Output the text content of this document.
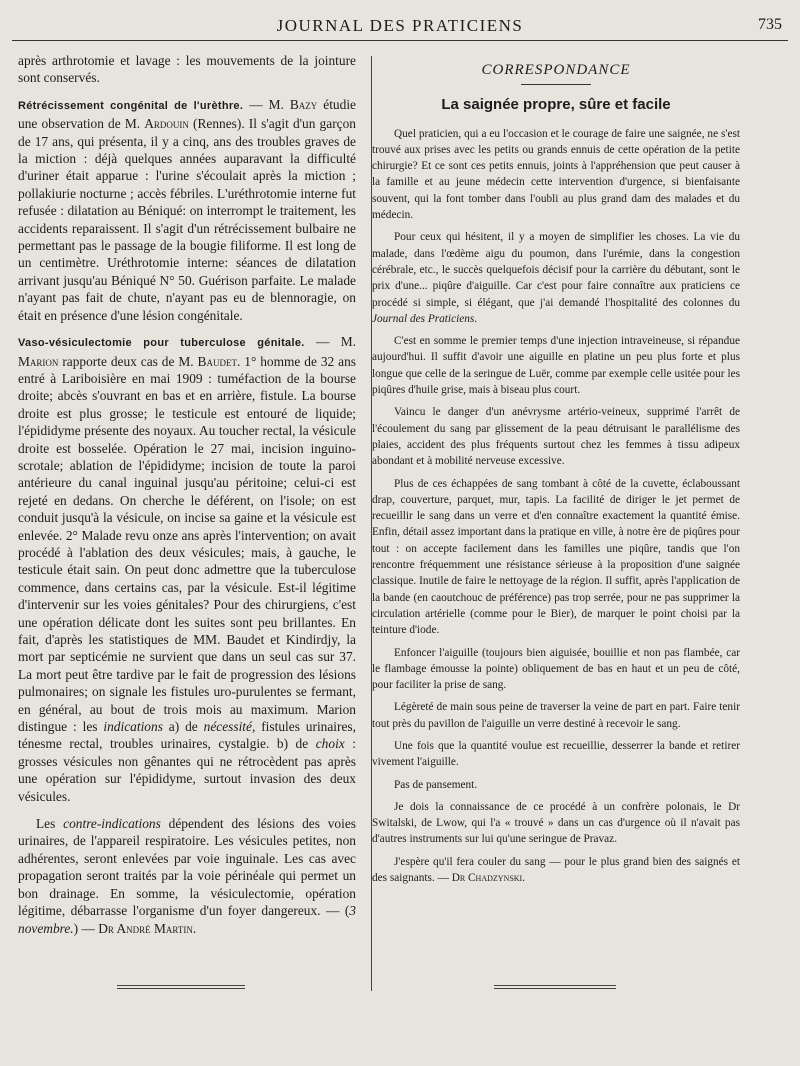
JOURNAL DES PRATICIENS	735

après arthrotomie et lavage : les mouvements de la jointure sont conservés.

Rétrécissement congénital de l'urèthre. — M. Bazy étudie une observation de M. Ardouin (Rennes). Il s'agit d'un garçon de 17 ans, qui présenta, il y a cinq, ans des troubles graves de la miction : déjà quelques années auparavant la difficulté d'uriner était apparue : l'urine s'écoulait après la miction ; pollakiurie nocturne ; accès fébriles. L'uréthrotomie interne fut refusée : dilatation au Béniqué: on interrompt le traitement, les accidents reparaissent. Il s'agit d'un rétrécissement bulbaire ne permettant pas le passage de la bougie filiforme. Il est long de un centimètre. Uréthrotomie interne: séances de dilatation arrivant jusqu'au Béniqué N° 50. Guérison parfaite. Le malade n'ayant pas fait de chute, n'ayant pas eu de blennoragie, on était en présence d'une lésion congénitale.

Vaso-vésiculectomie pour tuberculose génitale. — M. Marion rapporte deux cas de M. Baudet. 1° homme de 32 ans entré à Lariboisière en mai 1909 : tuméfaction de la bourse droite; abcès s'ouvrant en bas et en arrière, fistule. La bourse droite est plus grosse; le testicule est entouré de liquide; l'épididyme présente des noyaux. Au toucher rectal, la vésicule droite est bosselée. Opération le 27 mai, incision inguino-scrotale; ablation de l'épididyme; incision de toute la paroi antérieure du canal inguinal jusqu'au péritoine; celui-ci est rejeté en dedans. On cherche le déférent, on l'isole; on est conduit jusqu'à la vésicule, on incise sa gaine et la vésicule est enlevée. 2° Malade revu onze ans après l'intervention; on avait procédé à l'ablation des deux vésicules; mais, à gauche, le testicule était sain. On peut donc admettre que la tuberculose commence, dans certains cas, par la vésicule. Est-il légitime d'intervenir sur les voies génitales? Pour des chirurgiens, c'est une opération délicate dont les suites sont peu brillantes. En fait, d'après les statistiques de MM. Baudet et Kindirdjy, la mort par septicémie ne survient que dans un seul cas sur 37. La mort peut être tardive par le fait de progression des lésions pulmonaires; on signale les fistules uro-purulentes se fermant, en général, au bout de trois mois au maximum. Marion distingue : les indications a) de nécessité, fistules urinaires, ténesme rectal, troubles urinaires, cystalgie. b) de choix : grosses vésicules non gênantes qui ne rétrocèdent pas après une opération sur l'épididyme, surtout invasion des deux vésicules.

Les contre-indications dépendent des lésions des voies urinaires, de l'appareil respiratoire. Les vésicules petites, non adhérentes, seront enlevées par voie inguinale. Les cas avec propagation seront traités par la voie périnéale qui permet un bon drainage. En somme, la vésiculectomie, opération légitime, débarrasse l'organisme d'un foyer dangereux. — (3 novembre.) — Dr André Martin.

CORRESPONDANCE
La saignée propre, sûre et facile

Quel praticien, qui a eu l'occasion et le courage de faire une saignée, ne s'est trouvé aux prises avec les petits ou grands ennuis de cette opération de la petite chirurgie? Et ce sont ces petits ennuis, joints à l'appréhension que peut causer à la famille et au jeune médecin cette intervention d'urgence, si bienfaisante souvent, qui la font tomber dans l'oubli au plus grand dam des malades et du médecin.

Pour ceux qui hésitent, il y a moyen de simplifier les choses. La vie du malade, dans l'œdème aigu du poumon, dans l'urémie, dans la congestion cérébrale, etc., le succès quelquefois décisif pour la carrière du débutant, sont le prix d'une... piqûre d'aiguille. Car c'est pour faire connaître aux praticiens ce procédé si simple, si élégant, que j'ai demandé l'hospitalité des colonnes du Journal des Praticiens.

C'est en somme le premier temps d'une injection intraveineuse, si répandue aujourd'hui. Il suffit d'avoir une aiguille en platine un peu plus forte et plus longue que celle de la seringue de Luër, comme par exemple celle usitée pour les piqûres d'huile grise, mais à biseau plus court.

Vaincu le danger d'un anévrysme artério-veineux, supprimé l'arrêt de l'écoulement du sang par glissement de la peau détruisant le parallélisme des plaies, accident des plus fréquents surtout chez les femmes à tissu adipeux abondant et à mobilité nerveuse excessive.

Plus de ces échappées de sang tombant à côté de la cuvette, éclaboussant drap, couverture, parquet, mur, tapis. La facilité de diriger le jet permet de recueillir le sang dans un verre et d'en connaître exactement la quantité émise. Enfin, détail assez important dans la pratique en ville, à notre ère de piqûres pour tout : on accepte facilement dans les familles une piqûre, tandis que l'on rencontre fréquemment une résistance sérieuse à la proposition d'une saignée classique. Inutile de faire le nettoyage de la région. Il suffit, après l'application de la bande (en caoutchouc de préférence) pas trop serrée, pour ne pas supprimer la circulation artérielle (comme pour le Bier), de marquer le point choisi par la teinture d'iode.

Enfoncer l'aiguille (toujours bien aiguisée, bouillie et non pas flambée, car le flambage émousse la pointe) obliquement de bas en haut et un peu de côté, pour faciliter la prise de sang.

Légèreté de main sous peine de traverser la veine de part en part. Faire tenir tout près du pavillon de l'aiguille un verre destiné à recevoir le sang.

Une fois que la quantité voulue est recueillie, desserrer la bande et retirer vivement l'aiguille.

Pas de pansement.

Je dois la connaissance de ce procédé à un confrère polonais, le Dr Switalski, de Lwow, qui l'a « trouvé » dans un cas d'urgence où il n'avait pas d'autres instruments sur lui qu'une seringue de Pravaz.

J'espère qu'il fera couler du sang — pour le plus grand bien des saignés et des saignants. — Dr Chadzynski.
